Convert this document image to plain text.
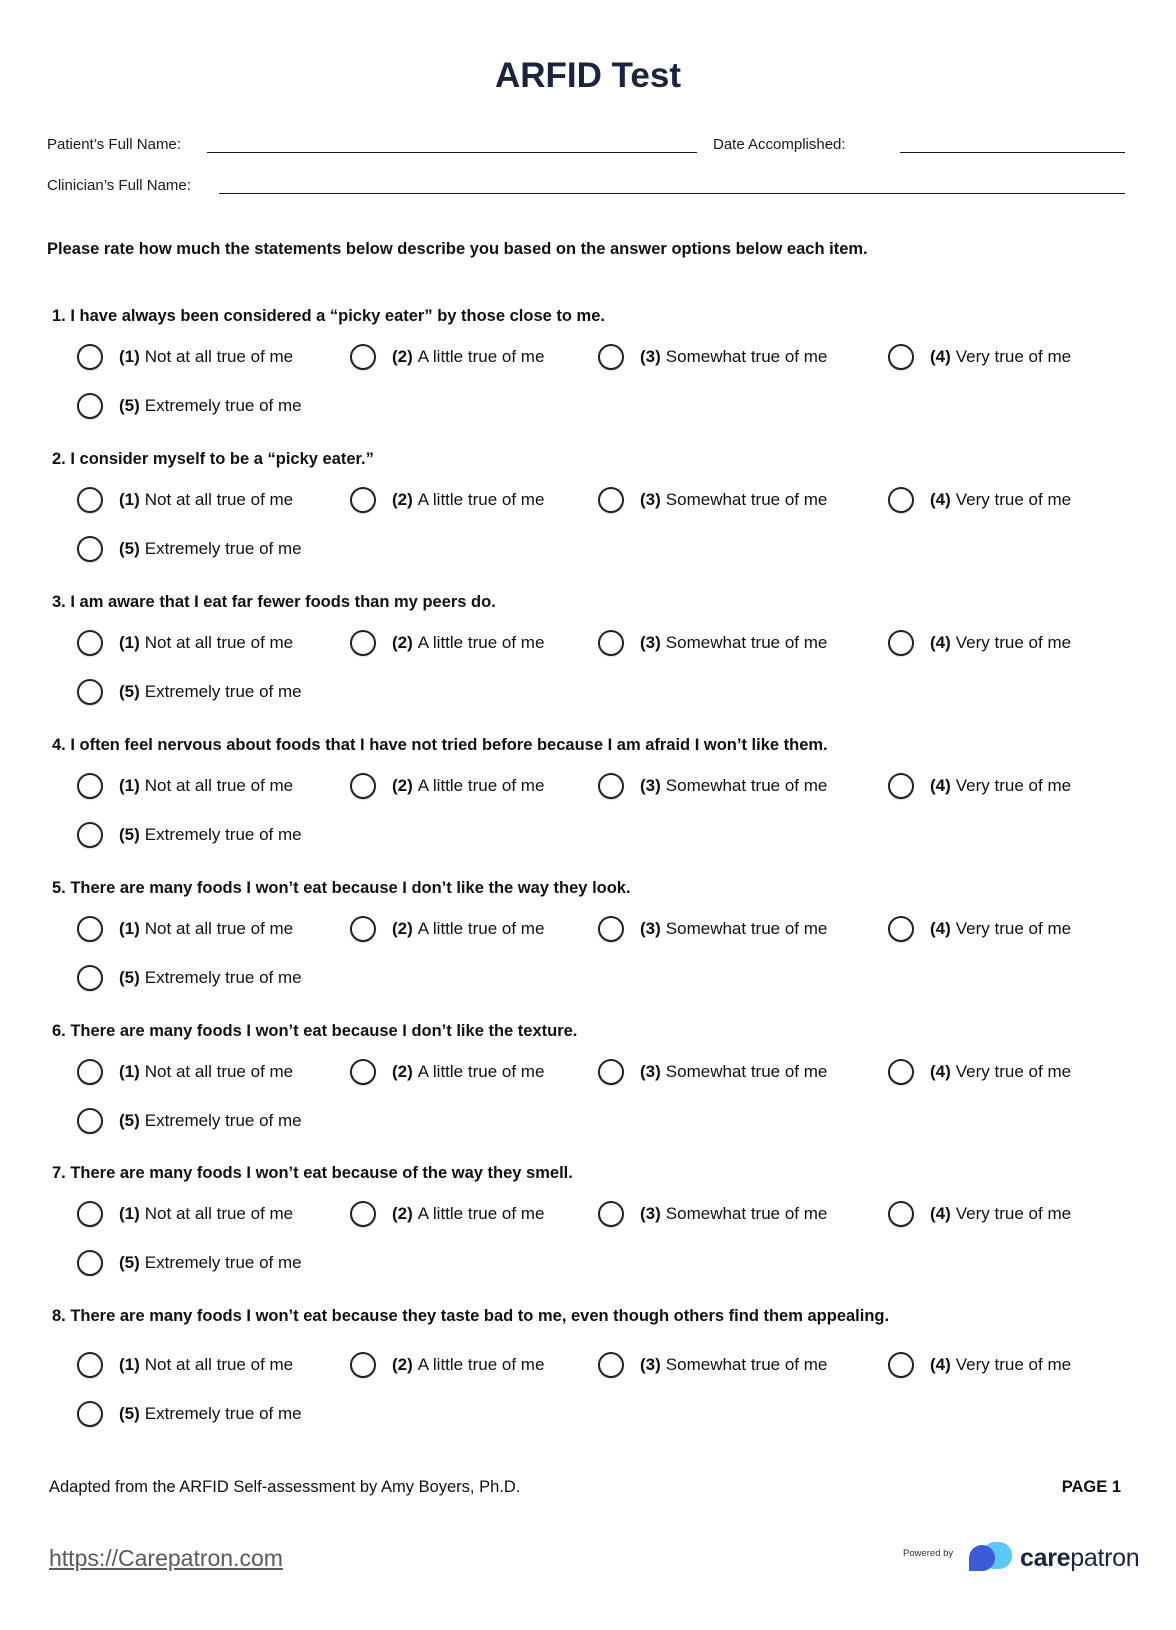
ARFID Test
Patient’s Full Name:	Date Accomplished:
Clinician’s Full Name:
Please rate how much the statements below describe you based on the answer options below each item.
1. I have always been considered a “picky eater” by those close to me.
(1) Not at all true of me	(2) A little true of me	(3) Somewhat true of me	(4) Very true of me
(5) Extremely true of me
2. I consider myself to be a “picky eater.”
(1) Not at all true of me	(2) A little true of me	(3) Somewhat true of me	(4) Very true of me
(5) Extremely true of me
3. I am aware that I eat far fewer foods than my peers do.
(1) Not at all true of me	(2) A little true of me	(3) Somewhat true of me	(4) Very true of me
(5) Extremely true of me
4. I often feel nervous about foods that I have not tried before because I am afraid I won’t like them.
(1) Not at all true of me	(2) A little true of me	(3) Somewhat true of me	(4) Very true of me
(5) Extremely true of me
5. There are many foods I won’t eat because I don’t like the way they look.
(1) Not at all true of me	(2) A little true of me	(3) Somewhat true of me	(4) Very true of me
(5) Extremely true of me
6. There are many foods I won’t eat because I don’t like the texture.
(1) Not at all true of me	(2) A little true of me	(3) Somewhat true of me	(4) Very true of me
(5) Extremely true of me
7. There are many foods I won’t eat because of the way they smell.
(1) Not at all true of me	(2) A little true of me	(3) Somewhat true of me	(4) Very true of me
(5) Extremely true of me
8. There are many foods I won’t eat because they taste bad to me, even though others find them appealing.
(1) Not at all true of me	(2) A little true of me	(3) Somewhat true of me	(4) Very true of me
(5) Extremely true of me
Adapted from the ARFID Self-assessment by Amy Boyers, Ph.D.	PAGE 1
https://Carepatron.com	Powered by	carepatron
